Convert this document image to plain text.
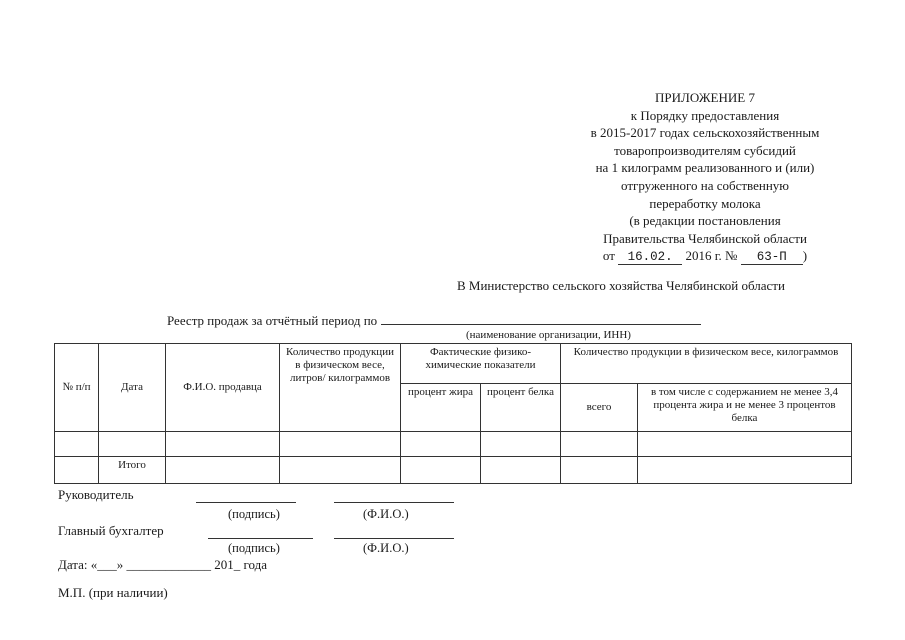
ПРИЛОЖЕНИЕ 7
к Порядку предоставления
в 2015-2017 годах сельскохозяйственным
товаропроизводителям субсидий
на 1 килограмм реализованного и (или)
отгруженного на собственную
переработку молока
(в редакции постановления
Правительства Челябинской области
от 16.02. 2016 г. № 63-П )
В Министерство сельского хозяйства Челябинской области
Реестр продаж за отчётный период по
(наименование организации, ИНН)
№ п/п	Дата	Ф.И.О. продавца	Количество продукции в физическом весе, литров/ килограммов	Фактические физико-химические показатели		Количество продукции в физическом весе, килограммов	
				процент жира	процент белка	всего	в том числе с содержанием не менее 3,4 процента жира и не менее 3 процентов белка

	Итого						
Руководитель
(подпись)	(Ф.И.О.)
Главный бухгалтер
(подпись)	(Ф.И.О.)
Дата: «___» _____________ 201_ года
М.П. (при наличии)
